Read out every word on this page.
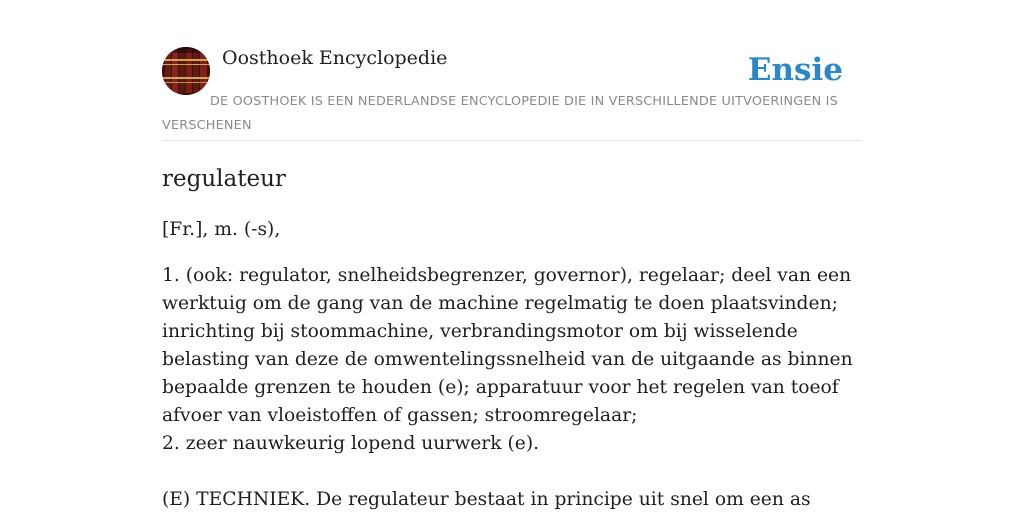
Oosthoek Encyclopedie	Ensie
DE OOSTHOEK IS EEN NEDERLANDSE ENCYCLOPEDIE DIE IN VERSCHILLENDE UITVOERINGEN IS VERSCHENEN
regulateur

[Fr.], m. (-s),

1. (ook: regulator, snelheidsbegrenzer, governor), regelaar; deel van een werktuig om de gang van de machine regelmatig te doen plaatsvinden; inrichting bij stoommachine, verbrandingsmotor om bij wisselende belasting van deze de omwentelingssnelheid van de uitgaande as binnen bepaalde grenzen te houden (e); apparatuur voor het regelen van toeof afvoer van vloeistoffen of gassen; stroomregelaar;

2. zeer nauwkeurig lopend uurwerk (e).

(E) TECHNIEK. De regulateur bestaat in principe uit snel om een as
